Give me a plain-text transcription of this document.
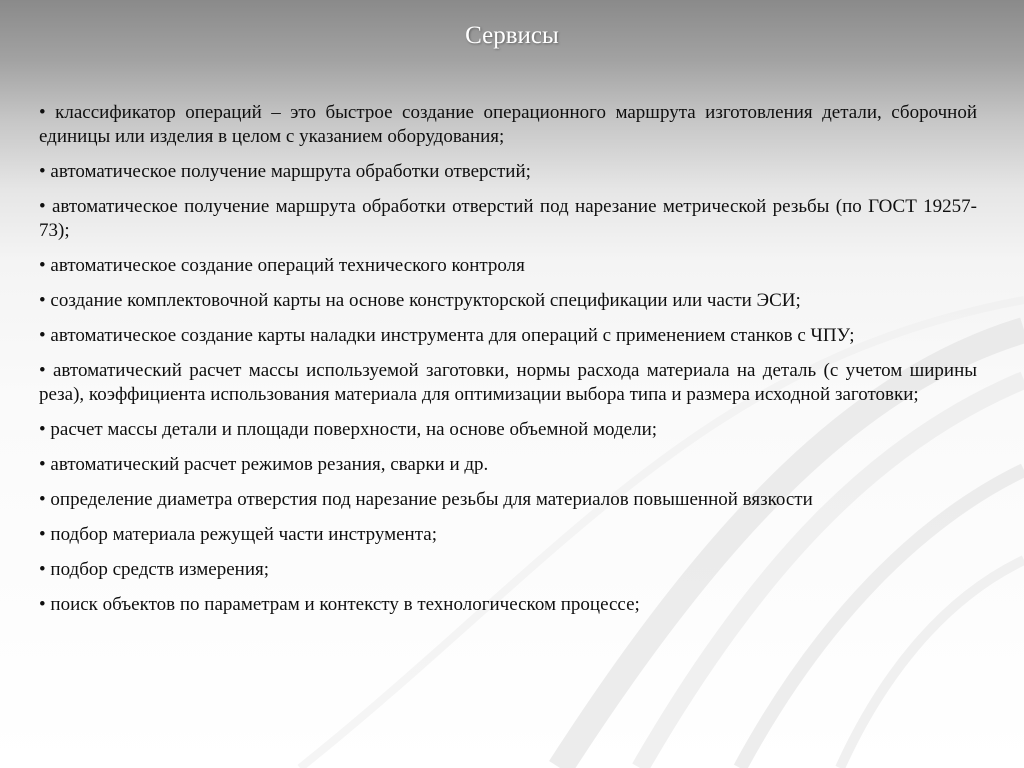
Сервисы
• классификатор операций – это быстрое создание операционного маршрута изготовления детали, сборочной единицы или изделия в целом с указанием оборудования;
• автоматическое получение маршрута обработки отверстий;
• автоматическое получение маршрута обработки отверстий под нарезание метрической резьбы (по ГОСТ 19257-73);
• автоматическое создание операций технического контроля
• создание комплектовочной карты на основе конструкторской спецификации или части ЭСИ;
• автоматическое создание карты наладки инструмента для операций с применением станков с ЧПУ;
• автоматический расчет массы используемой заготовки, нормы расхода материала на деталь (с учетом ширины реза), коэффициента использования материала для оптимизации выбора типа и размера исходной заготовки;
• расчет массы детали и площади поверхности, на основе объемной модели;
• автоматический расчет режимов резания, сварки и др.
• определение диаметра отверстия под нарезание резьбы для материалов повышенной вязкости
• подбор материала режущей части инструмента;
• подбор средств измерения;
• поиск объектов по параметрам и контексту в технологическом процессе;
